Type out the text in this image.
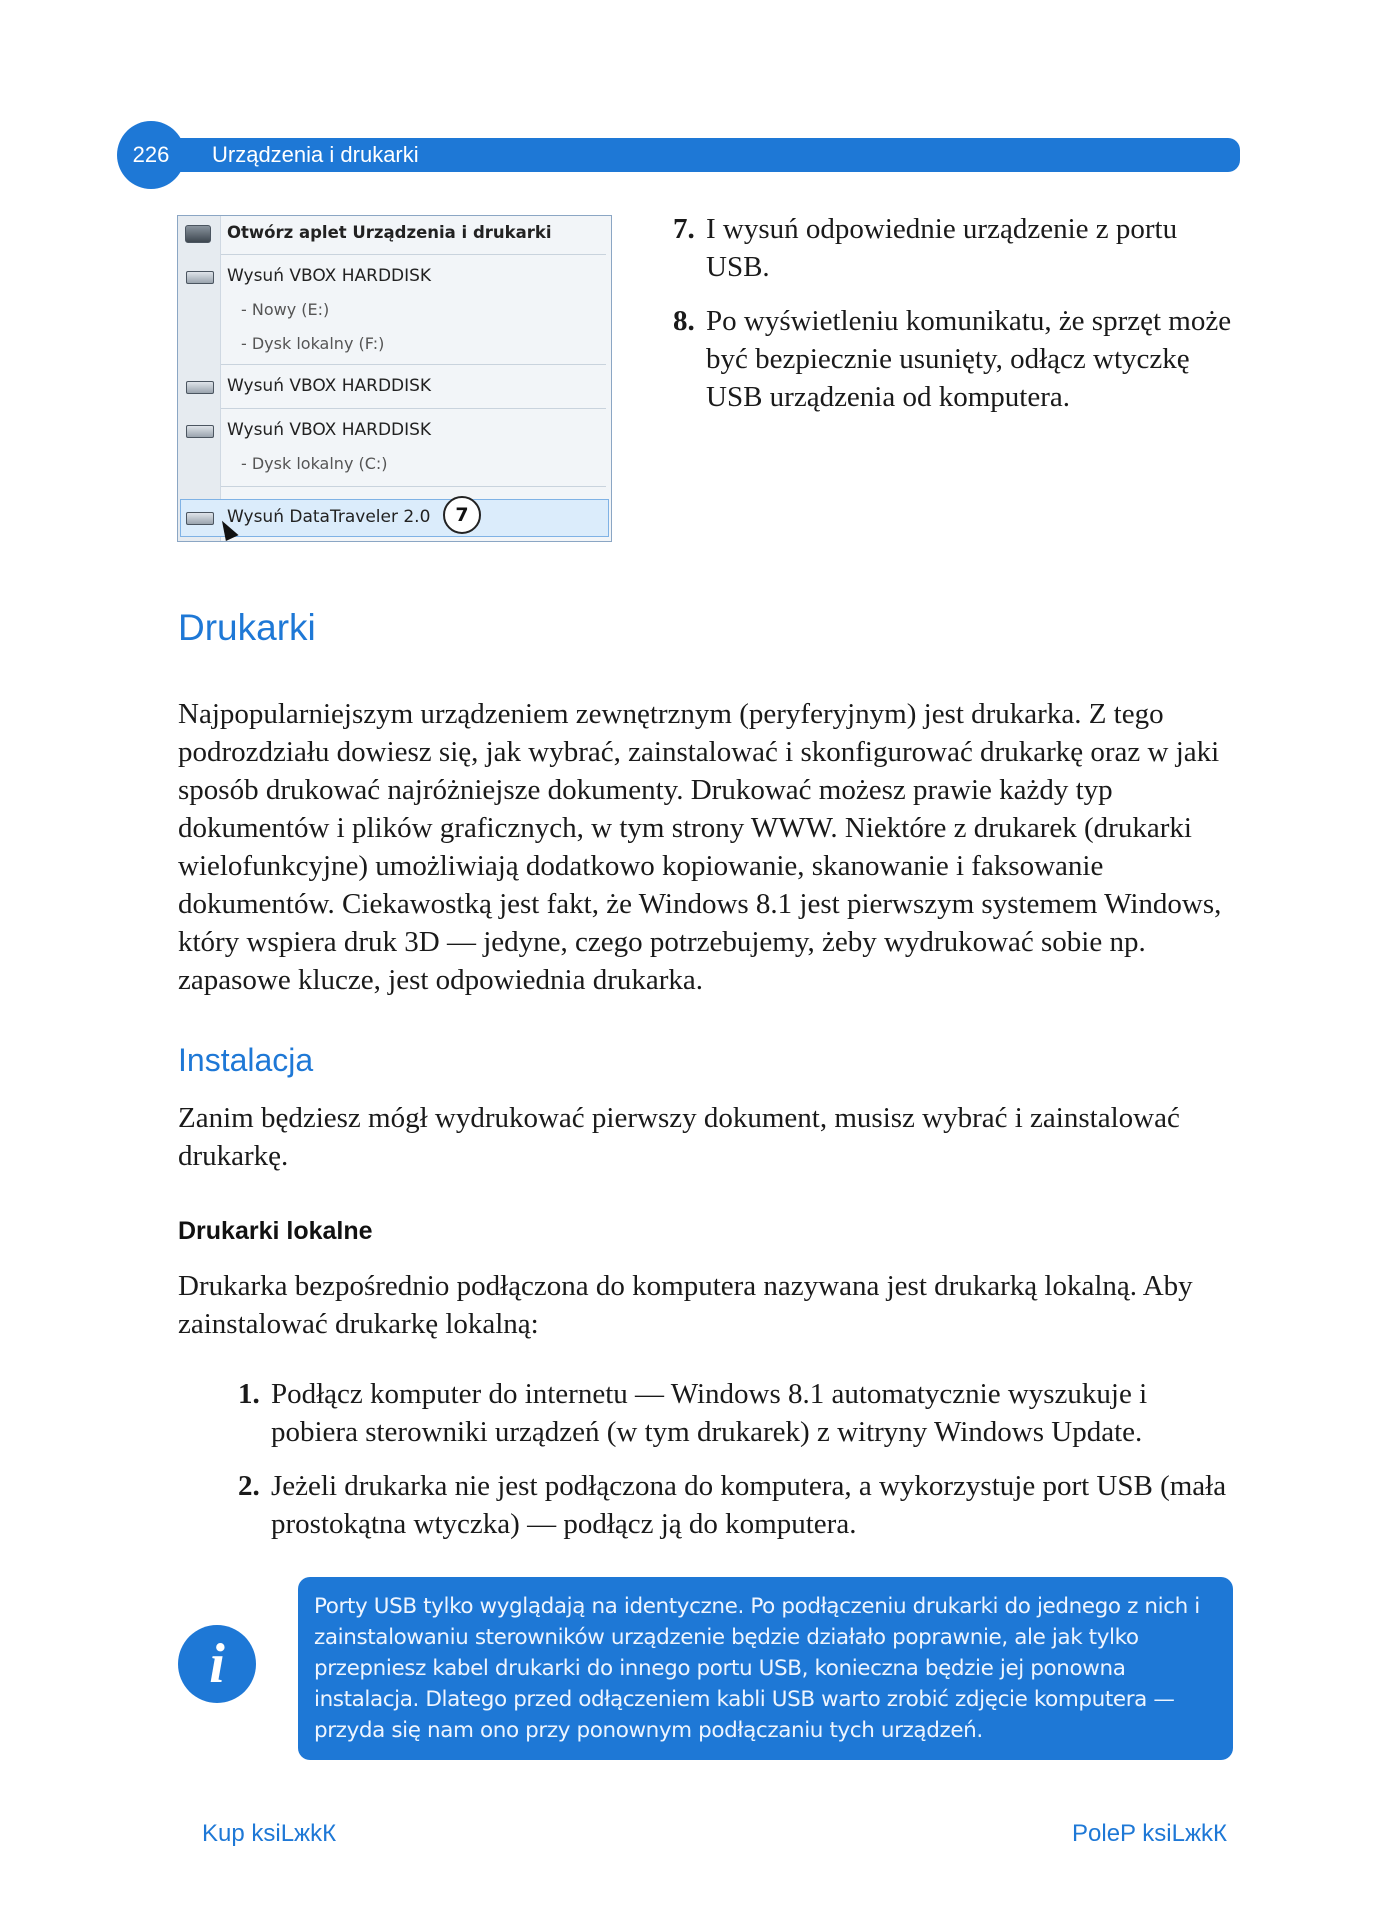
226	Urządzenia i drukarki
Otwórz aplet Urządzenia i drukarki
Wysuń VBOX HARDDISK
- Nowy (E:)
- Dysk lokalny (F:)
Wysuń VBOX HARDDISK
Wysuń VBOX HARDDISK
- Dysk lokalny (C:)
Wysuń DataTraveler 2.0	7
7. I wysuń odpowiednie urządzenie z portu USB.
8. Po wyświetleniu komunikatu, że sprzęt może być bezpiecznie usunięty, odłącz wtyczkę USB urządzenia od komputera.
Drukarki

Najpopularniejszym urządzeniem zewnętrznym (peryferyjnym) jest drukarka. Z tego podrozdziału dowiesz się, jak wybrać, zainstalować i skonfigurować drukarkę oraz w jaki sposób drukować najróżniejsze dokumenty. Drukować możesz prawie każdy typ dokumentów i plików graficznych, w tym strony WWW. Niektóre z drukarek (drukarki wielofunkcyjne) umożliwiają dodatkowo kopiowanie, skanowanie i faksowanie dokumentów. Ciekawostką jest fakt, że Windows 8.1 jest pierwszym systemem Windows, który wspiera druk 3D — jedyne, czego potrzebujemy, żeby wydrukować sobie np. zapasowe klucze, jest odpowiednia drukarka.

Instalacja

Zanim będziesz mógł wydrukować pierwszy dokument, musisz wybrać i zainstalować drukarkę.

Drukarki lokalne

Drukarka bezpośrednio podłączona do komputera nazywana jest drukarką lokalną. Aby zainstalować drukarkę lokalną:

1. Podłącz komputer do internetu — Windows 8.1 automatycznie wyszukuje i pobiera sterowniki urządzeń (w tym drukarek) z witryny Windows Update.
2. Jeżeli drukarka nie jest podłączona do komputera, a wykorzystuje port USB (mała prostokątna wtyczka) — podłącz ją do komputera.
i
Porty USB tylko wyglądają na identyczne. Po podłączeniu drukarki do jednego z nich i zainstalowaniu sterowników urządzenie będzie działało poprawnie, ale jak tylko przepniesz kabel drukarki do innego portu USB, konieczna będzie jej ponowna instalacja. Dlatego przed odłączeniem kabli USB warto zrobić zdjęcie komputera — przyda się nam ono przy ponownym podłączaniu tych urządzeń.
Kup ksiLжkК	PoleP ksiLжkК
